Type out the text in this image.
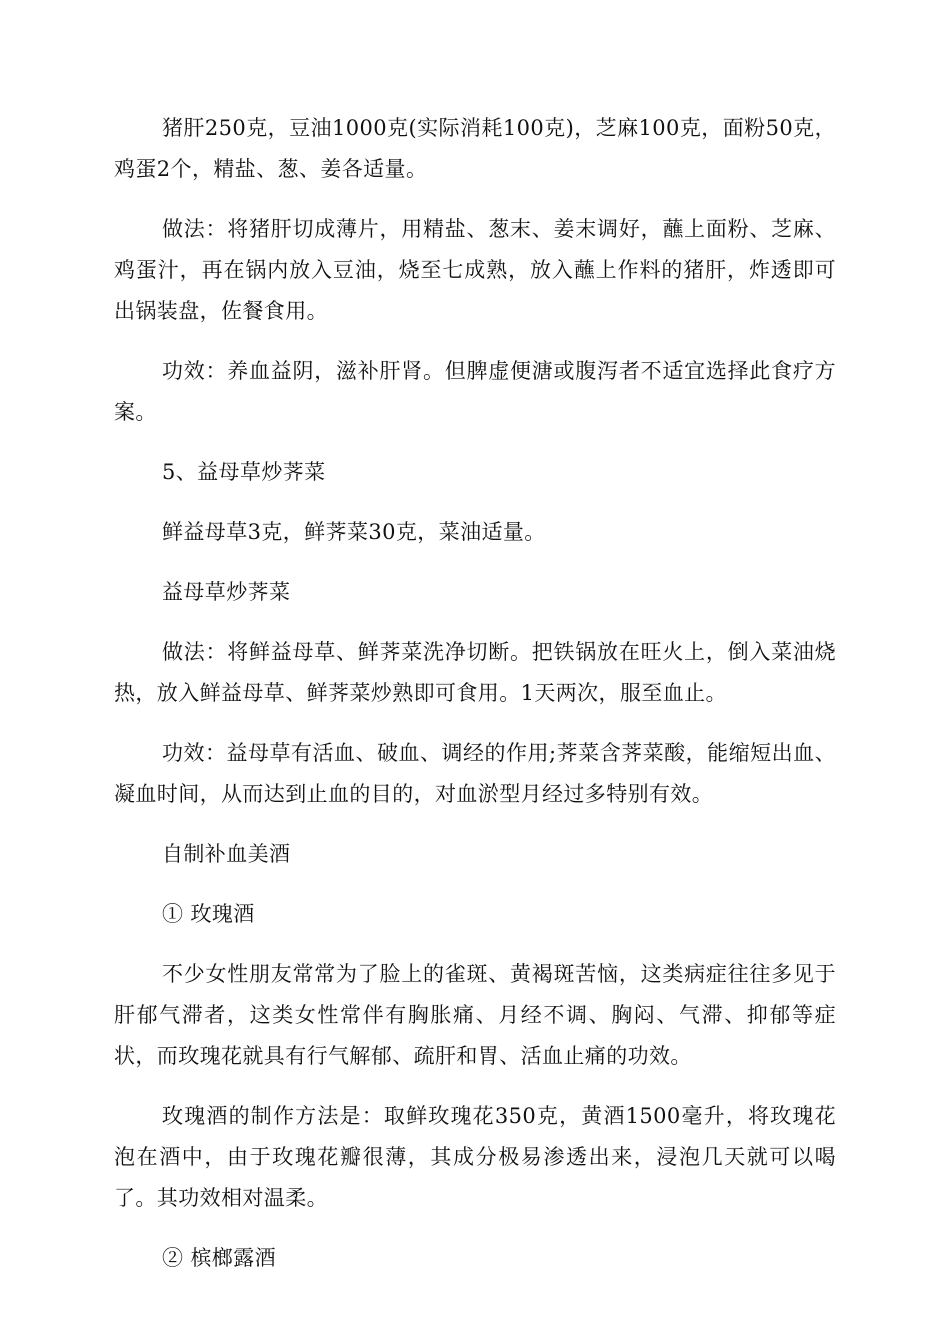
猪肝250克，豆油1000克(实际消耗100克)，芝麻100克，面粉50克，鸡蛋2个，精盐、葱、姜各适量。

做法：将猪肝切成薄片，用精盐、葱末、姜末调好，蘸上面粉、芝麻、鸡蛋汁，再在锅内放入豆油，烧至七成熟，放入蘸上作料的猪肝，炸透即可出锅装盘，佐餐食用。

功效：养血益阴，滋补肝肾。但脾虚便溏或腹泻者不适宜选择此食疗方案。

5、益母草炒荠菜

鲜益母草3克，鲜荠菜30克，菜油适量。

益母草炒荠菜

做法：将鲜益母草、鲜荠菜洗净切断。把铁锅放在旺火上，倒入菜油烧热，放入鲜益母草、鲜荠菜炒熟即可食用。1天两次，服至血止。

功效：益母草有活血、破血、调经的作用;荠菜含荠菜酸，能缩短出血、凝血时间，从而达到止血的目的，对血淤型月经过多特别有效。

自制补血美酒

① 玫瑰酒

不少女性朋友常常为了脸上的雀斑、黄褐斑苦恼，这类病症往往多见于肝郁气滞者，这类女性常伴有胸胀痛、月经不调、胸闷、气滞、抑郁等症状，而玫瑰花就具有行气解郁、疏肝和胃、活血止痛的功效。

玫瑰酒的制作方法是：取鲜玫瑰花350克，黄酒1500毫升，将玫瑰花泡在酒中，由于玫瑰花瓣很薄，其成分极易渗透出来，浸泡几天就可以喝了。其功效相对温柔。

② 槟榔露酒
